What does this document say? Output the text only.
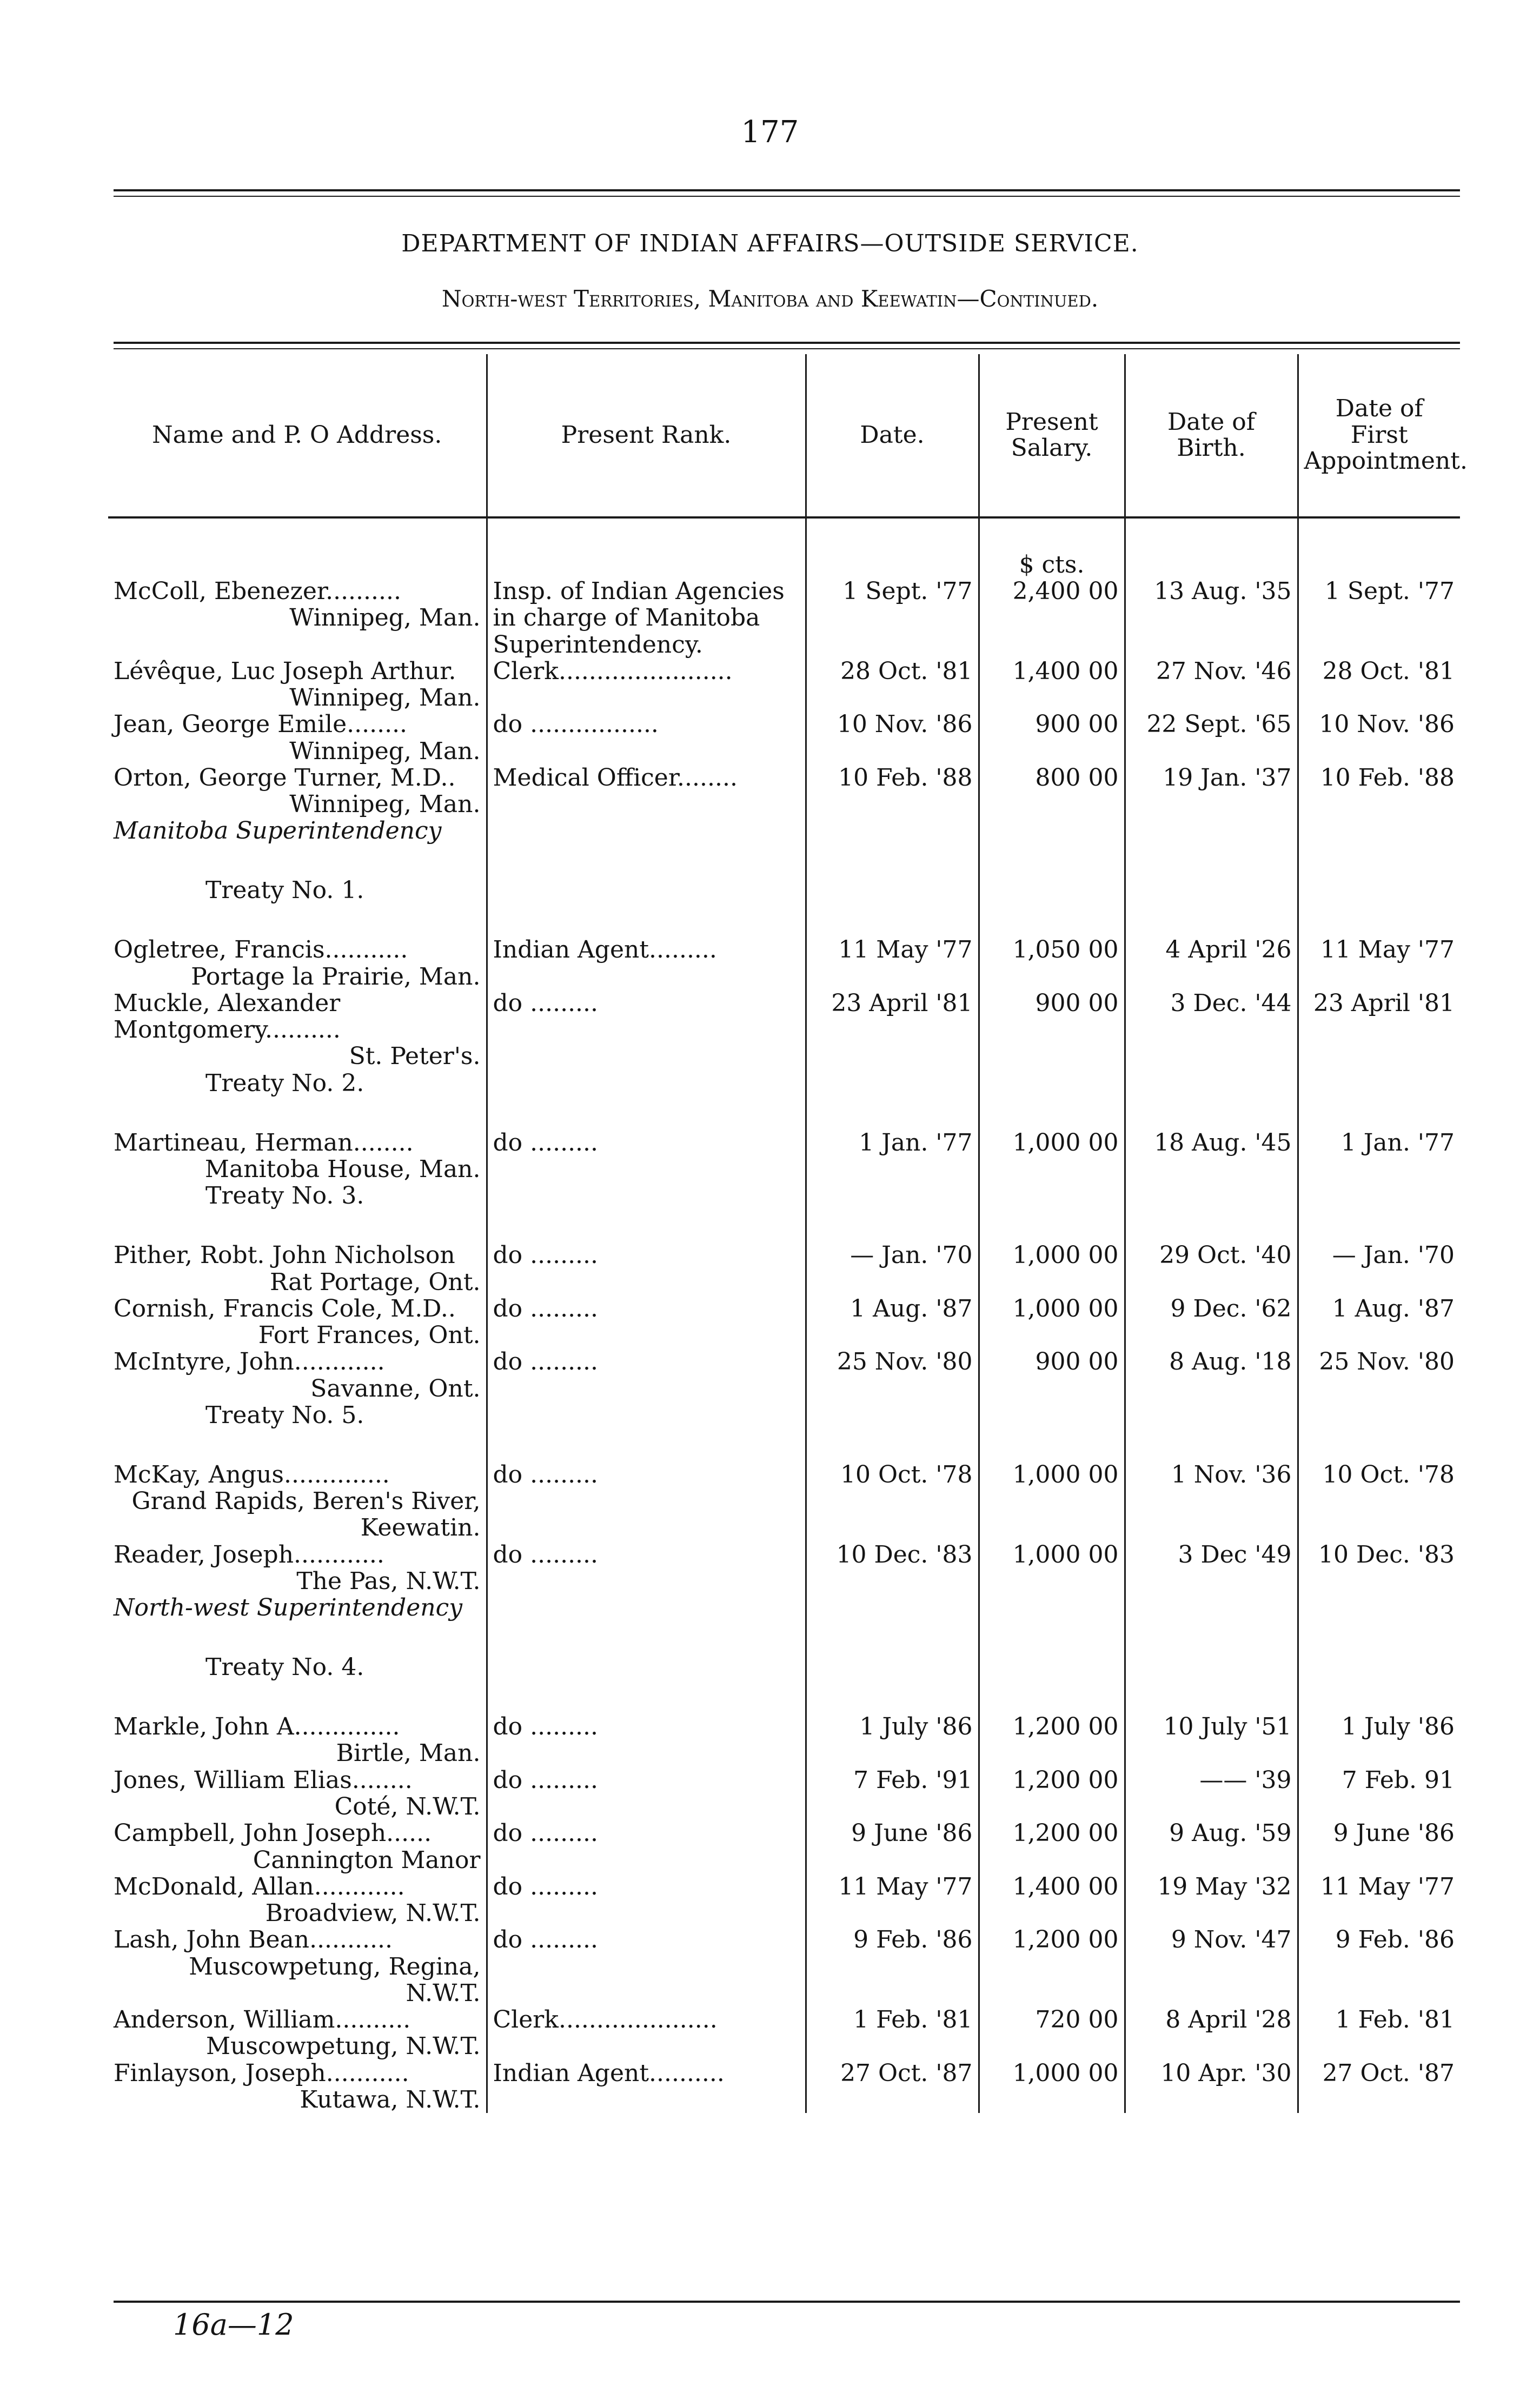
177
DEPARTMENT OF INDIAN AFFAIRS—OUTSIDE SERVICE.
North-west Territories, Manitoba and Keewatin—Continued.
Name and P. O Address.	Present Rank.	Date.	Present Salary.	Date of Birth.	Date of First Appointment.
			$ cts.		

McColl, Ebenezer..........
Winnipeg, Man.	Insp. of Indian Agencies in charge of Manitoba Superintendency.	1 Sept. '77	2,400 00	13 Aug. '35	1 Sept. '77

Lévêque, Luc Joseph Arthur.
Winnipeg, Man.	Clerk.......................	28 Oct. '81	1,400 00	27 Nov. '46	28 Oct. '81

Jean, George Emile........
Winnipeg, Man.	do .................	10 Nov. '86	900 00	22 Sept. '65	10 Nov. '86

Orton, George Turner, M.D..
Winnipeg, Man.	Medical Officer........	10 Feb. '88	800 00	19 Jan. '37	10 Feb. '88
Manitoba Superintendency					
Treaty No. 1.					

Ogletree, Francis...........
Portage la Prairie, Man.	Indian Agent.........	11 May '77	1,050 00	4 April '26	11 May '77

Muckle, Alexander Montgomery..........
St. Peter's.	do .........	23 April '81	900 00	3 Dec. '44	23 April '81
Treaty No. 2.					

Martineau, Herman........
Manitoba House, Man.	do .........	1 Jan. '77	1,000 00	18 Aug. '45	1 Jan. '77
Treaty No. 3.					

Pither, Robt. John Nicholson
Rat Portage, Ont.	do .........	— Jan. '70	1,000 00	29 Oct. '40	— Jan. '70

Cornish, Francis Cole, M.D..
Fort Frances, Ont.	do .........	1 Aug. '87	1,000 00	9 Dec. '62	1 Aug. '87

McIntyre, John............
Savanne, Ont.	do .........	25 Nov. '80	900 00	8 Aug. '18	25 Nov. '80
Treaty No. 5.					

McKay, Angus..............
Grand Rapids, Beren's River, Keewatin.	do .........	10 Oct. '78	1,000 00	1 Nov. '36	10 Oct. '78

Reader, Joseph............
The Pas, N.W.T.	do .........	10 Dec. '83	1,000 00	3 Dec '49	10 Dec. '83
North-west Superintendency					
Treaty No. 4.					

Markle, John A..............
Birtle, Man.	do .........	1 July '86	1,200 00	10 July '51	1 July '86

Jones, William Elias........
Coté, N.W.T.	do .........	7 Feb. '91	1,200 00	—— '39	7 Feb. 91

Campbell, John Joseph......
Cannington Manor	do .........	9 June '86	1,200 00	9 Aug. '59	9 June '86

McDonald, Allan............
Broadview, N.W.T.	do .........	11 May '77	1,400 00	19 May '32	11 May '77

Lash, John Bean...........
Muscowpetung, Regina, N.W.T.	do .........	9 Feb. '86	1,200 00	9 Nov. '47	9 Feb. '86

Anderson, William..........
Muscowpetung, N.W.T.	Clerk.....................	1 Feb. '81	720 00	8 April '28	1 Feb. '81

Finlayson, Joseph...........
Kutawa, N.W.T.	Indian Agent..........	27 Oct. '87	1,000 00	10 Apr. '30	27 Oct. '87
16a—12
